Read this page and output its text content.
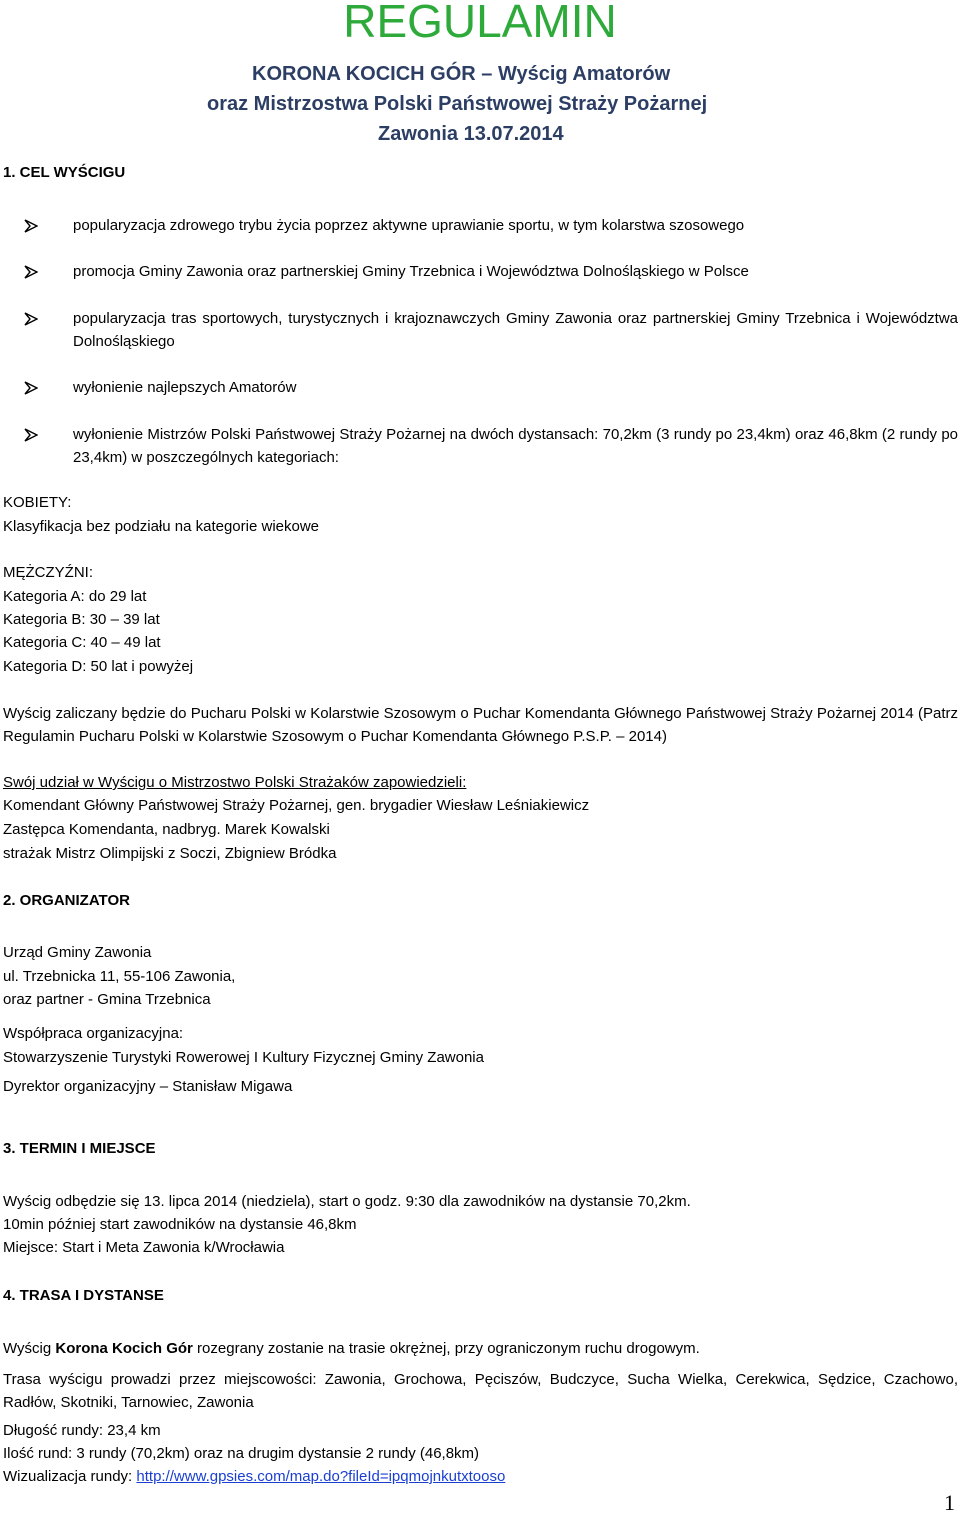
REGULAMIN
KORONA KOCICH GÓR – Wyścig Amatorów
oraz Mistrzostwa Polski Państwowej Straży Pożarnej
Zawonia 13.07.2014
1. CEL WYŚCIGU
popularyzacja zdrowego trybu życia poprzez aktywne uprawianie sportu, w tym kolarstwa szosowego
promocja Gminy Zawonia oraz partnerskiej Gminy Trzebnica i Województwa Dolnośląskiego w Polsce
popularyzacja tras sportowych, turystycznych i krajoznawczych Gminy Zawonia oraz partnerskiej Gminy Trzebnica i Województwa Dolnośląskiego
wyłonienie najlepszych Amatorów
wyłonienie Mistrzów Polski Państwowej Straży Pożarnej na dwóch dystansach: 70,2km (3 rundy po 23,4km) oraz 46,8km (2 rundy po 23,4km) w poszczególnych kategoriach:
KOBIETY:
Klasyfikacja bez podziału na kategorie wiekowe
MĘŻCZYŹNI:
Kategoria A: do 29 lat
Kategoria B: 30 – 39 lat
Kategoria C: 40 – 49 lat
Kategoria D: 50 lat i powyżej
Wyścig zaliczany będzie do Pucharu Polski w Kolarstwie Szosowym o Puchar Komendanta Głównego Państwowej Straży Pożarnej 2014 (Patrz Regulamin Pucharu Polski w Kolarstwie Szosowym o Puchar Komendanta Głównego P.S.P. – 2014)
Swój udział w Wyścigu o Mistrzostwo Polski Strażaków zapowiedzieli:
Komendant Główny Państwowej Straży Pożarnej, gen. brygadier Wiesław Leśniakiewicz
Zastępca Komendanta, nadbryg. Marek Kowalski
strażak Mistrz Olimpijski z Soczi, Zbigniew Bródka
2. ORGANIZATOR
Urząd Gminy Zawonia
ul. Trzebnicka 11, 55-106 Zawonia,
oraz partner - Gmina Trzebnica
Współpraca organizacyjna:
Stowarzyszenie Turystyki Rowerowej I Kultury Fizycznej Gminy Zawonia
Dyrektor organizacyjny – Stanisław Migawa
3. TERMIN I MIEJSCE
Wyścig odbędzie się 13. lipca 2014 (niedziela), start o godz. 9:30 dla zawodników na dystansie 70,2km.
10min później start zawodników na dystansie 46,8km
Miejsce: Start i Meta Zawonia k/Wrocławia
4. TRASA I DYSTANSE
Wyścig Korona Kocich Gór rozegrany zostanie na trasie okrężnej, przy ograniczonym ruchu drogowym.
Trasa wyścigu prowadzi przez miejscowości: Zawonia, Grochowa, Pęciszów, Budczyce, Sucha Wielka, Cerekwica, Sędzice, Czachowo, Radłów, Skotniki, Tarnowiec, Zawonia
Długość rundy: 23,4 km
Ilość rund: 3 rundy (70,2km) oraz na drugim dystansie 2 rundy (46,8km)
Wizualizacja rundy: http://www.gpsies.com/map.do?fileId=ipqmojnkutxtooso
1
